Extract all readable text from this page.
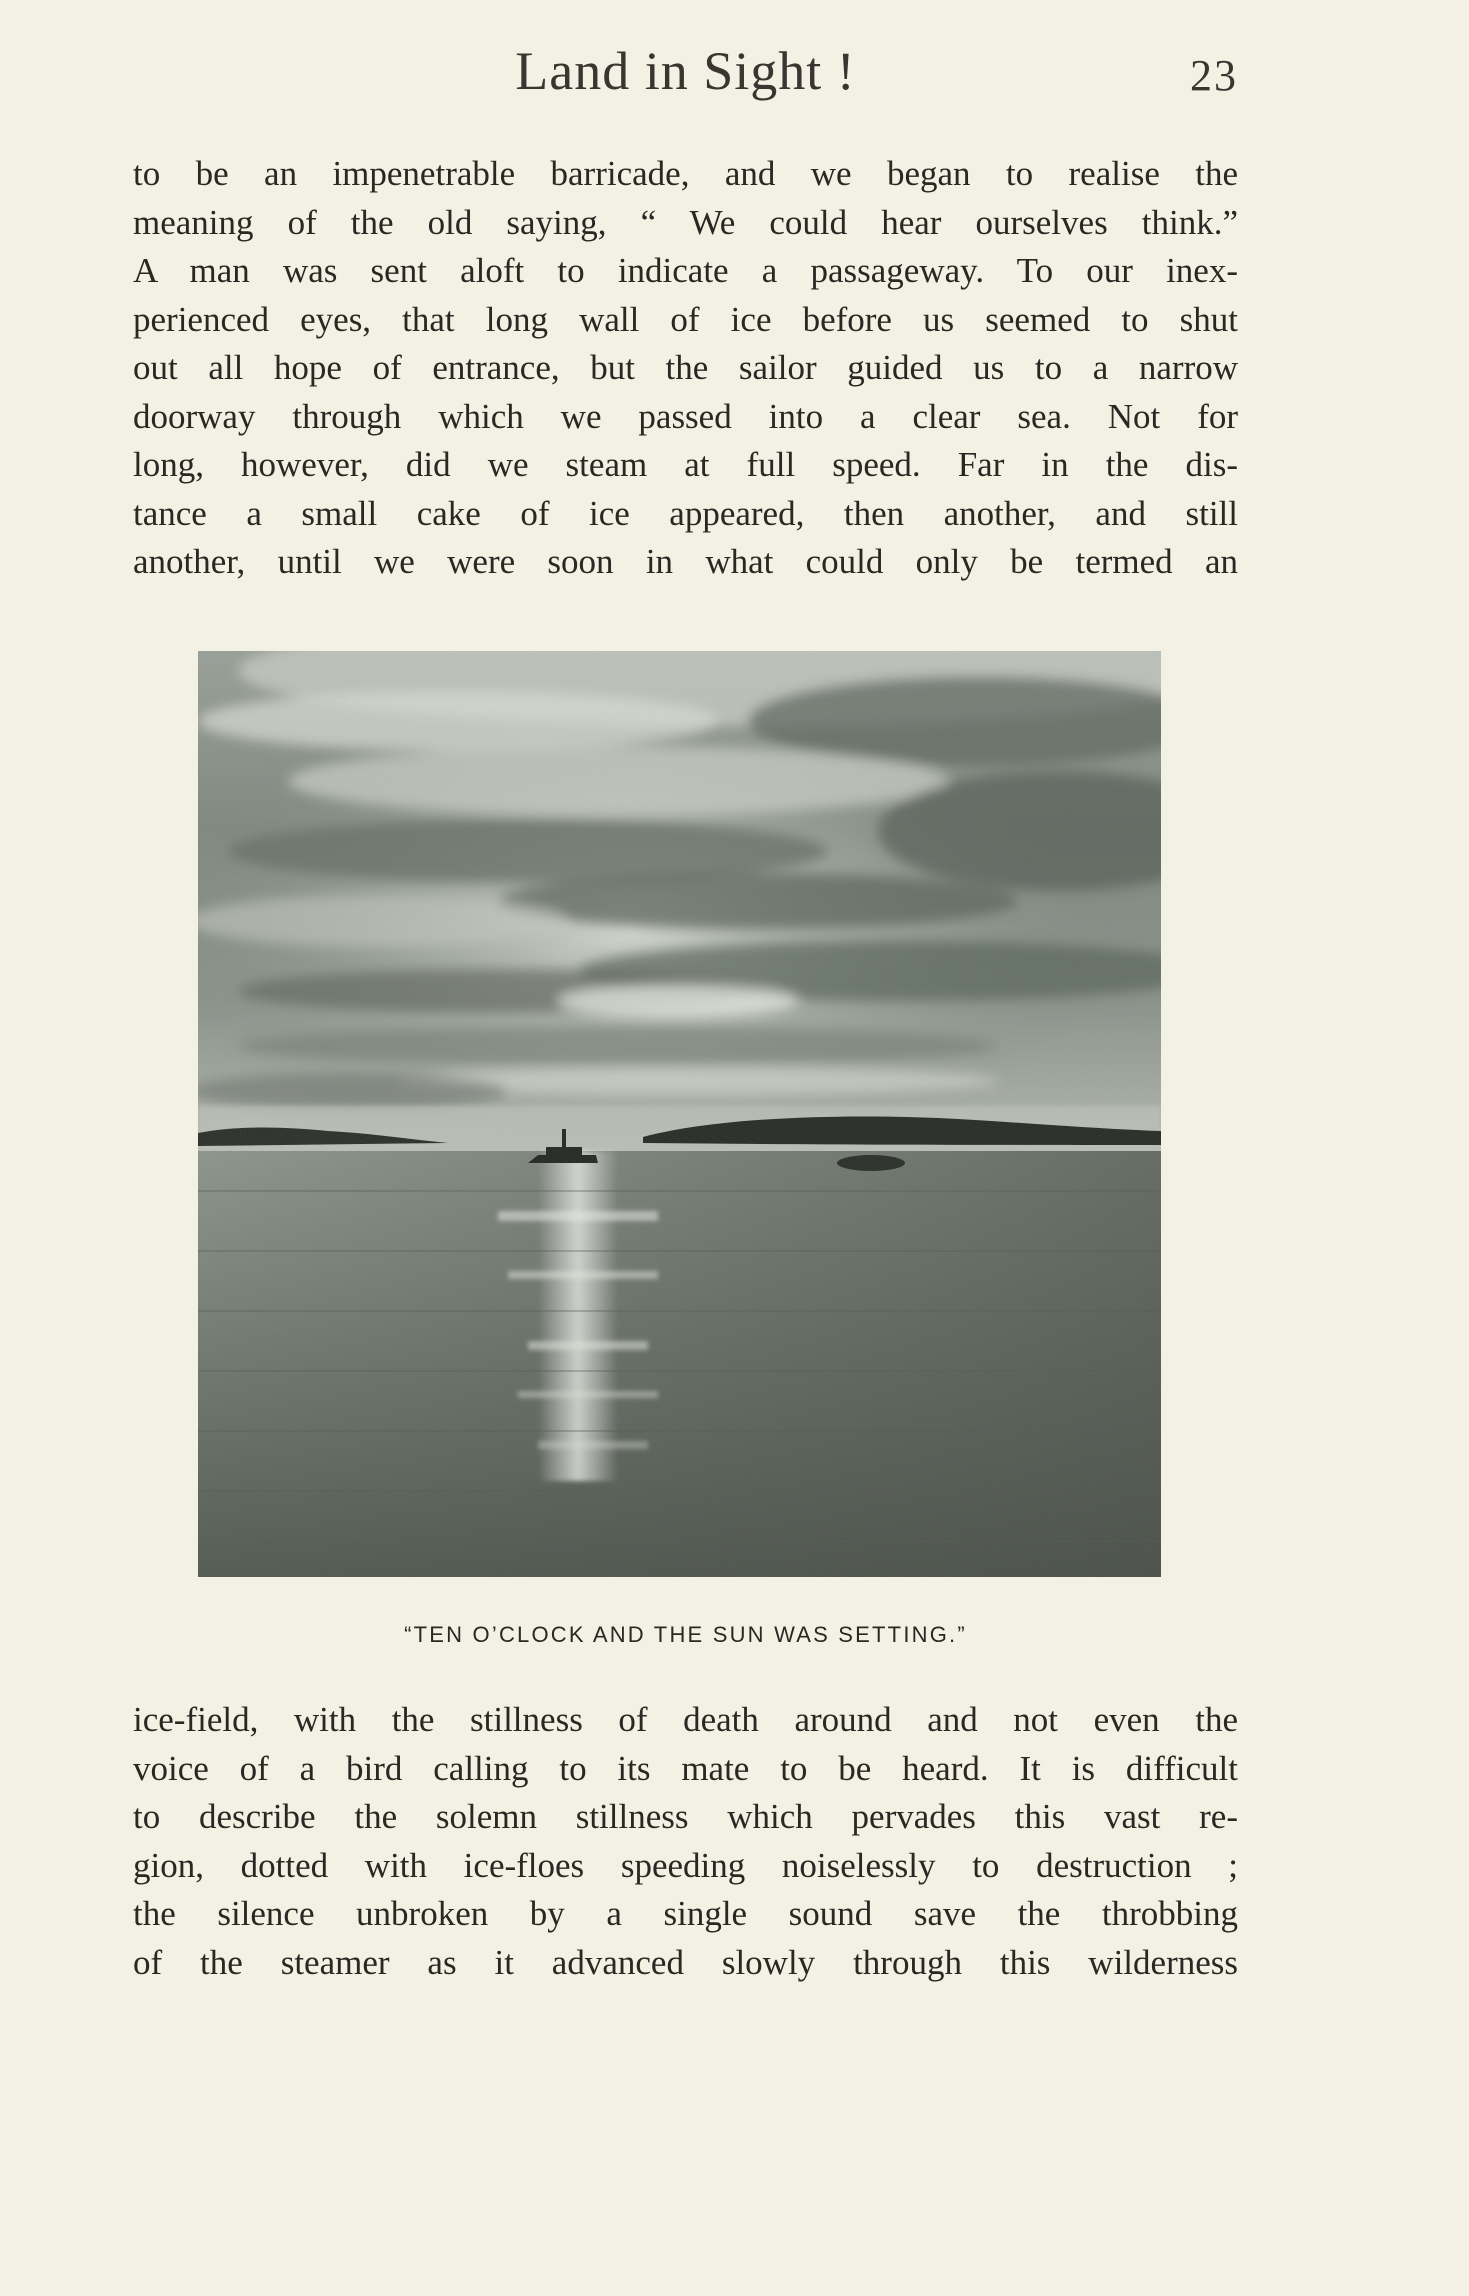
Land in Sight !	23
to be an impenetrable barricade, and we began to realise the
meaning of the old saying, “ We could hear ourselves think.”
A man was sent aloft to indicate a passageway. To our inex-
perienced eyes, that long wall of ice before us seemed to shut
out all hope of entrance, but the sailor guided us to a narrow
doorway through which we passed into a clear sea. Not for
long, however, did we steam at full speed. Far in the dis-
tance a small cake of ice appeared, then another, and still
another, until we were soon in what could only be termed an
“TEN O’CLOCK AND THE SUN WAS SETTING.”
ice-field, with the stillness of death around and not even the
voice of a bird calling to its mate to be heard. It is difficult
to describe the solemn stillness which pervades this vast re-
gion, dotted with ice-floes speeding noiselessly to destruction ;
the silence unbroken by a single sound save the throbbing
of the steamer as it advanced slowly through this wilderness
